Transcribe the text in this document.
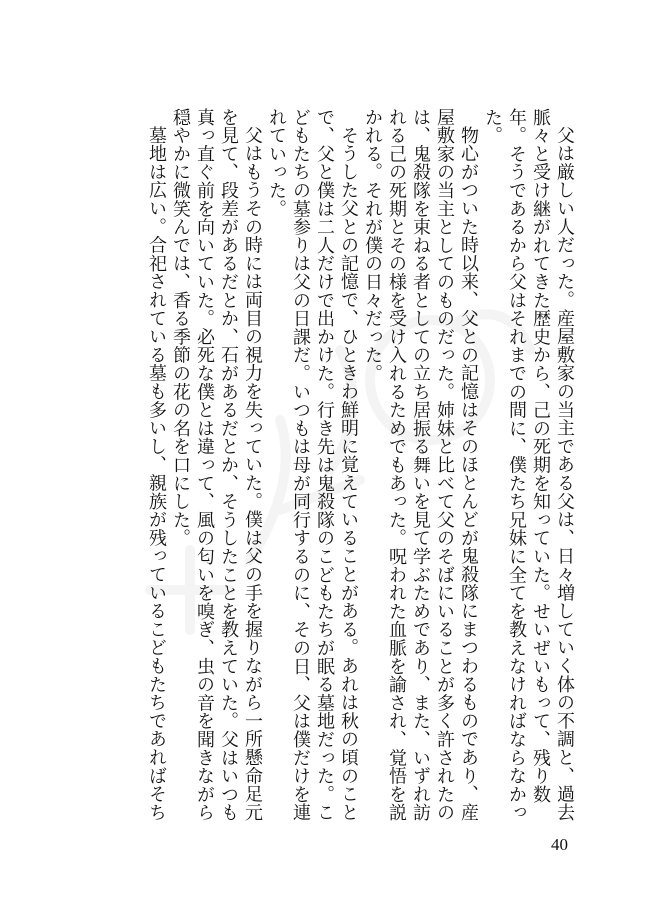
父は厳しい人だった。産屋敷家の当主である父は、日々増していく体の不調と、過去脈々と受け継がれてきた歴史から、己の死期を知っていた。せいぜいもって、残り数年。そうであるから父はそれまでの間に、僕たち兄妹に全てを教えなければならなかった。

物心がついた時以来、父との記憶はそのほとんどが鬼殺隊にまつわるものであり、産屋敷家の当主としてのものだった。姉妹と比べて父のそばにいることが多く許されたのは、鬼殺隊を束ねる者としての立ち居振る舞いを見て学ぶためであり、また、いずれ訪れる己の死期とその様を受け入れるためでもあった。呪われた血脈を諭され、覚悟を説かれる。それが僕の日々だった。

そうした父との記憶で、ひときわ鮮明に覚えていることがある。あれは秋の頃のことで、父と僕は二人だけで出かけた。行き先は鬼殺隊のこどもたちが眠る墓地だった。こどもたちの墓参りは父の日課だ。いつもは母が同行するのに、その日、父は僕だけを連れていった。

父はもうその時には両目の視力を失っていた。僕は父の手を握りながら一所懸命足元を見て、段差があるだとか、石があるだとか、そうしたことを教えていた。父はいつも真っ直ぐ前を向いていた。必死な僕とは違って、風の匂いを嗅ぎ、虫の音を聞きながら穏やかに微笑んでは、香る季節の花の名を口にした。

墓地は広い。合祀されている墓も多いし、親族が残っているこどもたちであればそち

40
